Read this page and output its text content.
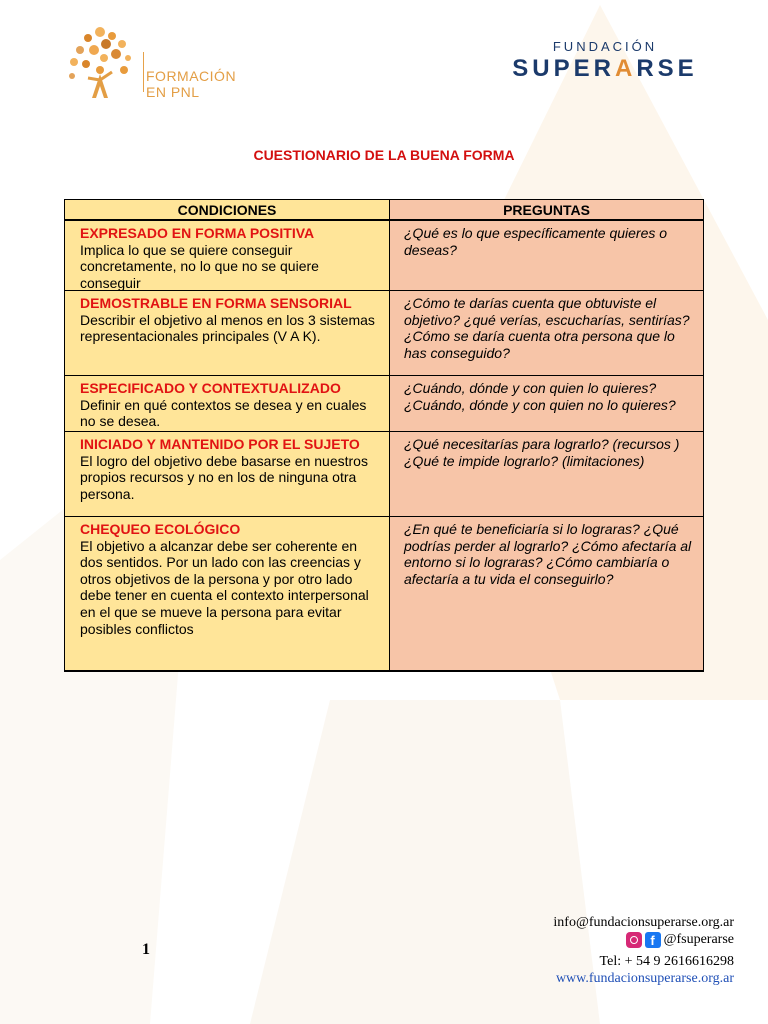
FORMACIÓN
EN PNL
FUNDACIÓN
SUPERARSE
CUESTIONARIO DE LA BUENA FORMA
CONDICIONES	PREGUNTAS
EXPRESADO EN FORMA POSITIVA
Implica lo que se quiere conseguir concretamente, no lo que no se quiere conseguir
¿Qué es lo que específicamente quieres o deseas?
DEMOSTRABLE EN FORMA SENSORIAL
Describir el objetivo al menos en los 3 sistemas representacionales principales (V A K).
¿Cómo te darías cuenta que obtuviste el objetivo? ¿qué verías, escucharías, sentirías? ¿Cómo se daría cuenta otra persona que lo has conseguido?
ESPECIFICADO Y CONTEXTUALIZADO
Definir en qué contextos se desea y en cuales no se desea.
¿Cuándo, dónde y con quien lo quieres? ¿Cuándo, dónde y con quien no lo quieres?
INICIADO Y MANTENIDO POR EL SUJETO
El logro del objetivo debe basarse en nuestros propios recursos y no en los de ninguna otra persona.
¿Qué necesitarías para lograrlo? (recursos ) ¿Qué te impide lograrlo? (limitaciones)
CHEQUEO ECOLÓGICO
El objetivo a alcanzar debe ser coherente en dos sentidos. Por un lado con las creencias y otros objetivos de la persona y por otro lado debe tener en cuenta el contexto interpersonal en el que se mueve la persona para evitar posibles conflictos
¿En qué te beneficiaría si lo lograras? ¿Qué podrías perder al lograrlo? ¿Cómo afectaría al entorno si lo lograras? ¿Cómo cambiaría o afectaría a tu vida el conseguirlo?
1
info@fundacionsuperarse.org.ar
f @fsuperarse
Tel: + 54 9 2616616298
www.fundacionsuperarse.org.ar
